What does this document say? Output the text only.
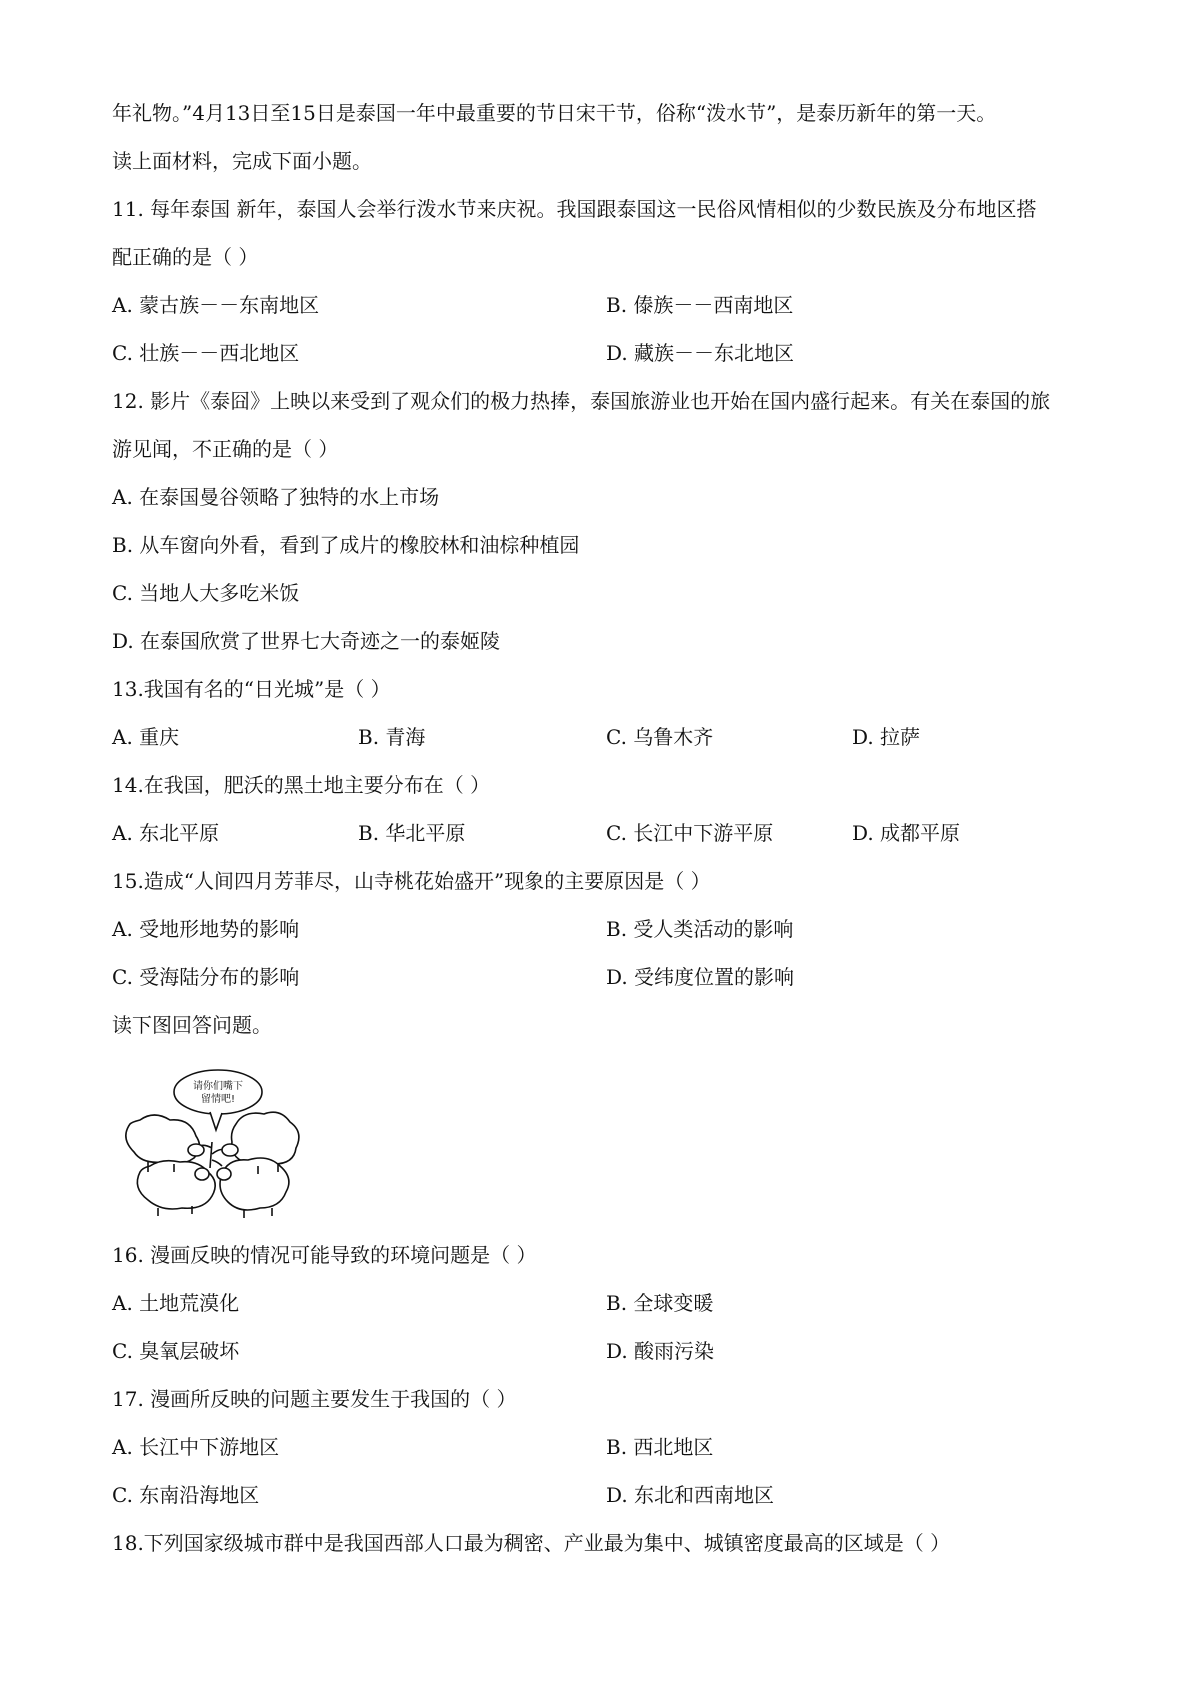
年礼物。”4月13日至15日是泰国一年中最重要的节日宋干节，俗称“泼水节”，是泰历新年的第一天。
读上面材料，完成下面小题。
11. 每年泰国 新年，泰国人会举行泼水节来庆祝。我国跟泰国这一民俗风情相似的少数民族及分布地区搭
配正确的是（ ）
A. 蒙古族－－东南地区	B. 傣族－－西南地区
C. 壮族－－西北地区	D. 藏族－－东北地区
12. 影片《泰囧》上映以来受到了观众们的极力热捧，泰国旅游业也开始在国内盛行起来。有关在泰国的旅
游见闻，不正确的是（ ）
A. 在泰国曼谷领略了独特的水上市场
B. 从车窗向外看，看到了成片的橡胶林和油棕种植园
C. 当地人大多吃米饭
D. 在泰国欣赏了世界七大奇迹之一的泰姬陵
13.我国有名的“日光城”是（ ）
A. 重庆	B. 青海	C. 乌鲁木齐	D. 拉萨
14.在我国，肥沃的黑土地主要分布在（ ）
A. 东北平原	B. 华北平原	C. 长江中下游平原	D. 成都平原
15.造成“人间四月芳菲尽，山寺桃花始盛开”现象的主要原因是（ ）
A. 受地形地势的影响	B. 受人类活动的影响
C. 受海陆分布的影响	D. 受纬度位置的影响
读下图回答问题。
请你们嘴下
留情吧!
16. 漫画反映的情况可能导致的环境问题是（ ）
A. 土地荒漠化	B. 全球变暖
C. 臭氧层破坏	D. 酸雨污染
17. 漫画所反映的问题主要发生于我国的（ ）
A. 长江中下游地区	B. 西北地区
C. 东南沿海地区	D. 东北和西南地区
18.下列国家级城市群中是我国西部人口最为稠密、产业最为集中、城镇密度最高的区域是（ ）
